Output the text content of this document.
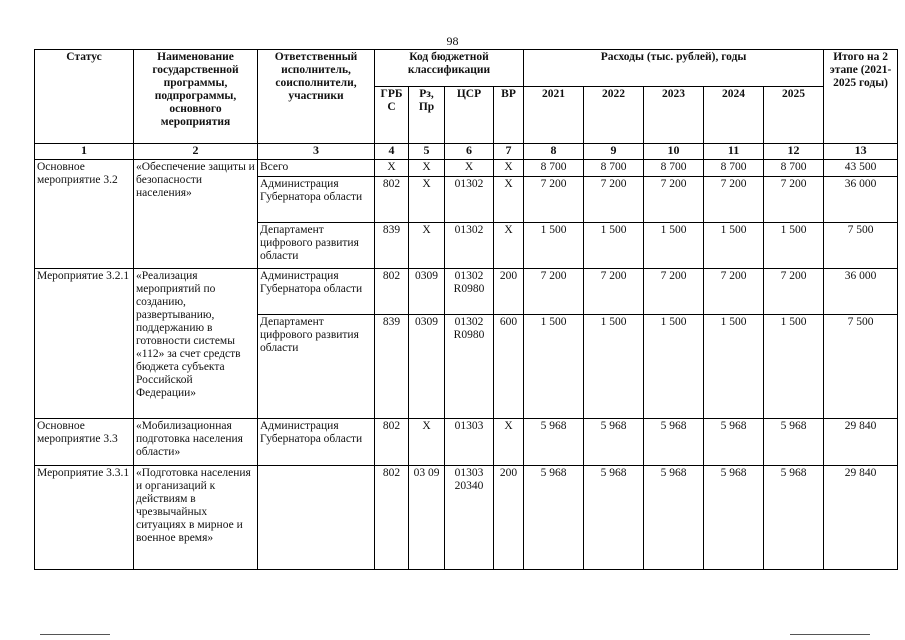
98
Статус	Наименование государственной программы, подпрограммы, основного мероприятия	Ответственный исполнитель, соисполнители, участники	Код бюджетной классификации				Расходы (тыс. рублей), годы					Итого на 2 этапе (2021-2025 годы)
			ГРБ С	Рз, Пр	ЦСР	ВР	2021	2022	2023	2024	2025	
1	2	3	4	5	6	7	8	9	10	11	12	13
Основное мероприятие 3.2	«Обеспечение защиты и безопасности населения»	Всего	Х	Х	Х	Х	8 700	8 700	8 700	8 700	8 700	43 500
		Администрация Губернатора области	802	Х	01302	Х	7 200	7 200	7 200	7 200	7 200	36 000
		Департамент цифрового развития области	839	Х	01302	Х	1 500	1 500	1 500	1 500	1 500	7 500
Мероприятие 3.2.1	«Реализация мероприятий по созданию, развертыванию, поддержанию в готовности системы «112» за счет средств бюджета субъекта Российской Федерации»	Администрация Губернатора области	802	0309	01302 R0980	200	7 200	7 200	7 200	7 200	7 200	36 000
		Департамент цифрового развития области	839	0309	01302 R0980	600	1 500	1 500	1 500	1 500	1 500	7 500
Основное мероприятие 3.3	«Мобилизационная подготовка населения области»	Администрация Губернатора области	802	Х	01303	Х	5 968	5 968	5 968	5 968	5 968	29 840
Мероприятие 3.3.1	«Подготовка населения и организаций к действиям в чрезвычайных ситуациях в мирное и военное время»		802	03 09	01303 20340	200	5 968	5 968	5 968	5 968	5 968	29 840
